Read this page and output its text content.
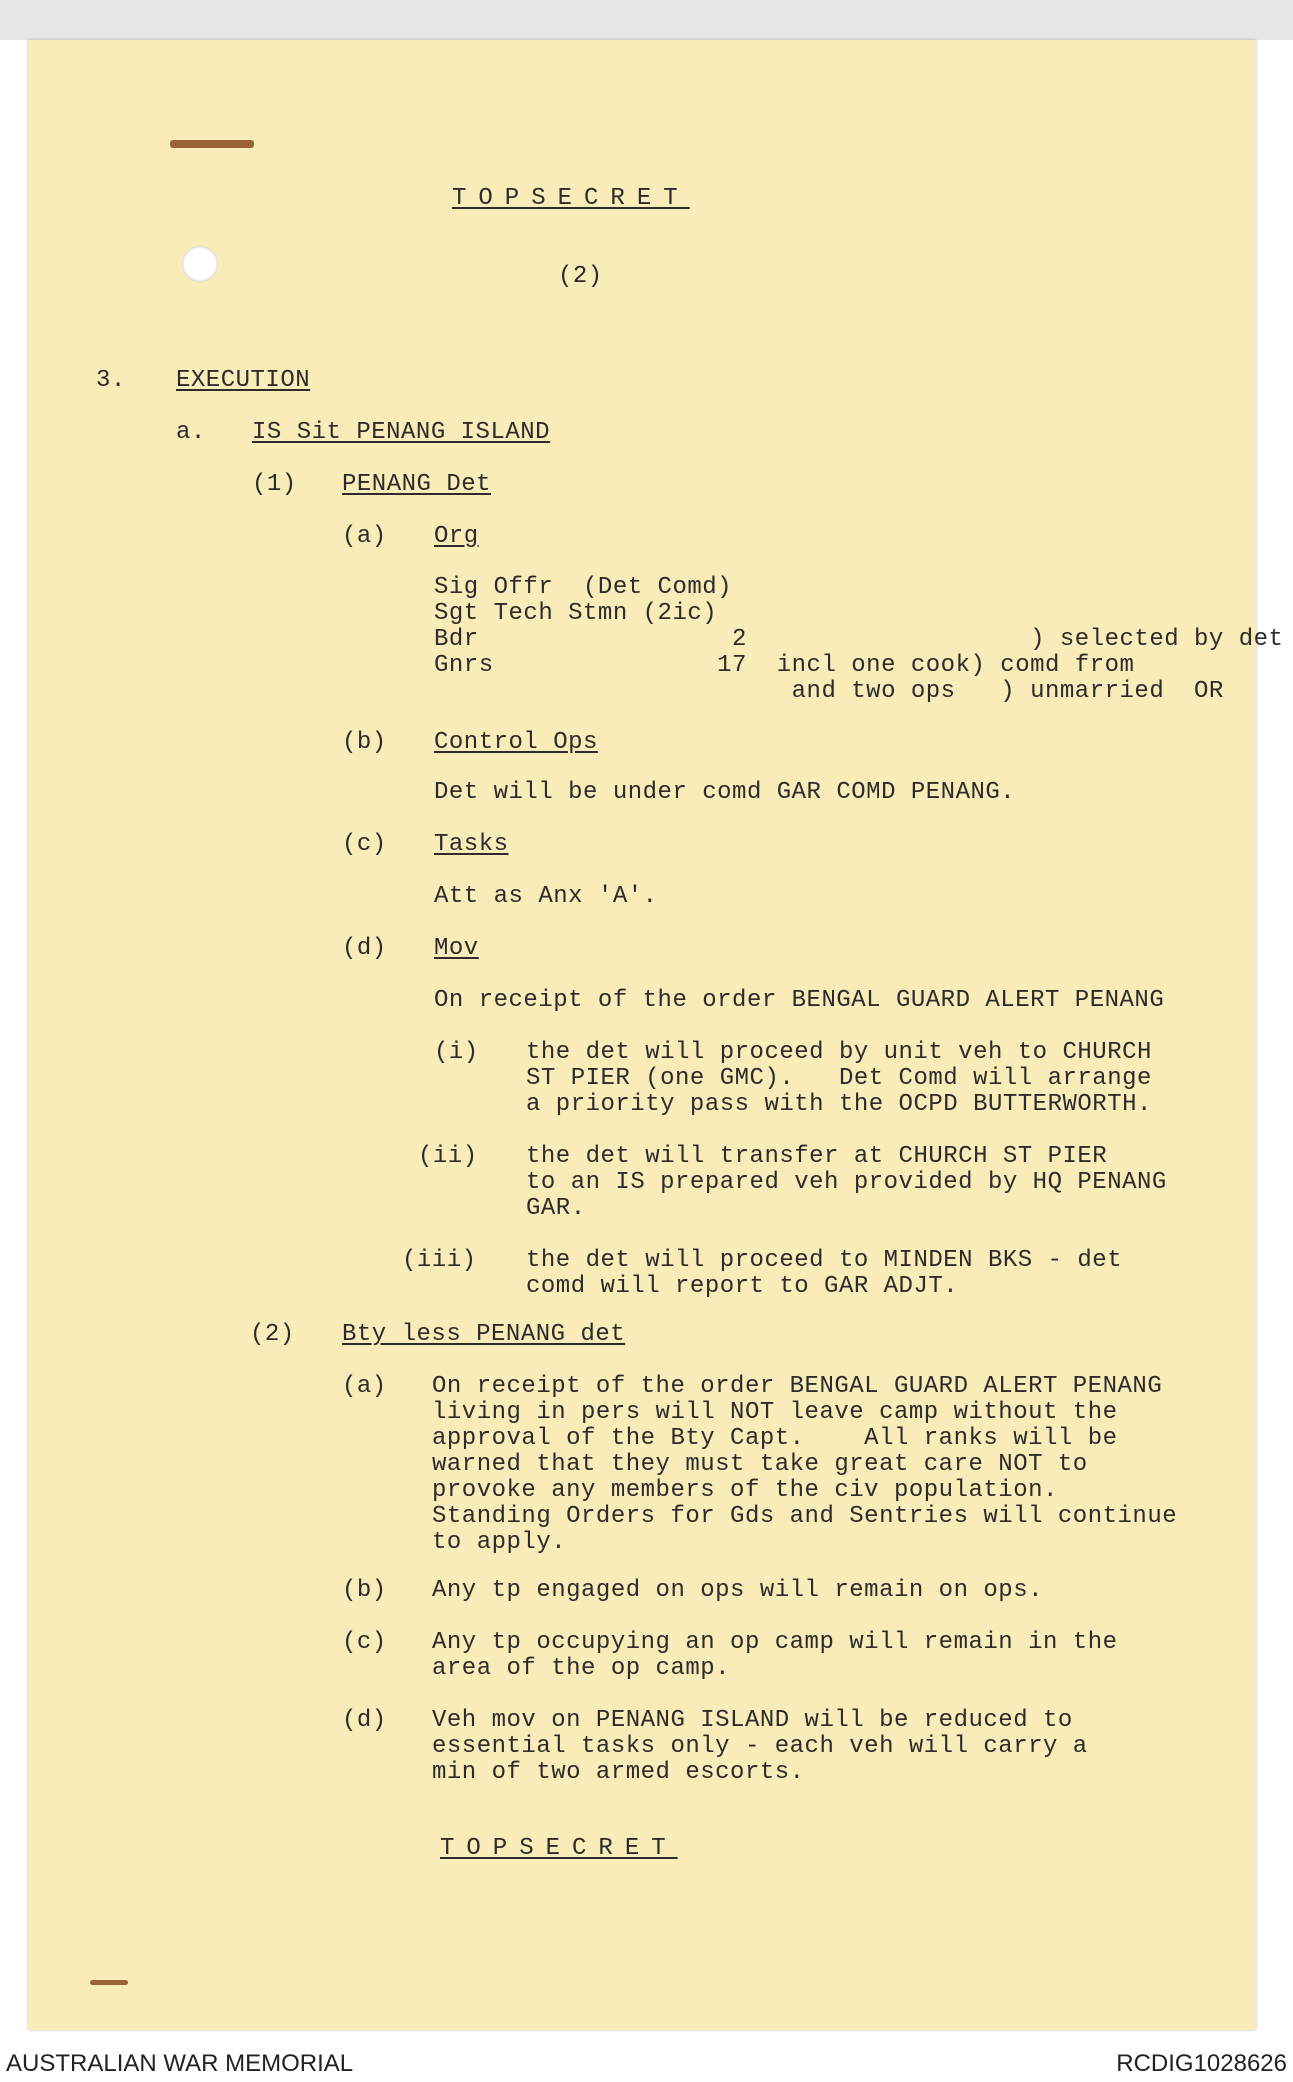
TOPSECRET
(2)
3. EXECUTION
a. IS Sit PENANG ISLAND
(1) PENANG Det
(a) Org
Sig Offr  (Det Comd)
Sgt Tech Stmn (2ic)
Bdr                 2                   ) selected by det
Gnrs               17  incl one cook) comd from
and two ops   ) unmarried  OR
(b) Control Ops
Det will be under comd GAR COMD PENANG.
(c) Tasks
Att as Anx 'A'.
(d) Mov
On receipt of the order BENGAL GUARD ALERT PENANG
(i) the det will proceed by unit veh to CHURCH
ST PIER (one GMC).   Det Comd will arrange
a priority pass with the OCPD BUTTERWORTH.
(ii) the det will transfer at CHURCH ST PIER
to an IS prepared veh provided by HQ PENANG
GAR.
(iii) the det will proceed to MINDEN BKS - det
comd will report to GAR ADJT.
(2) Bty less PENANG det
(a) On receipt of the order BENGAL GUARD ALERT PENANG
living in pers will NOT leave camp without the
approval of the Bty Capt.    All ranks will be
warned that they must take great care NOT to
provoke any members of the civ population.
Standing Orders for Gds and Sentries will continue
to apply.
(b) Any tp engaged on ops will remain on ops.
(c) Any tp occupying an op camp will remain in the
area of the op camp.
(d) Veh mov on PENANG ISLAND will be reduced to
essential tasks only - each veh will carry a
min of two armed escorts.
TOPSECRET
AUSTRALIAN WAR MEMORIAL	RCDIG1028626
